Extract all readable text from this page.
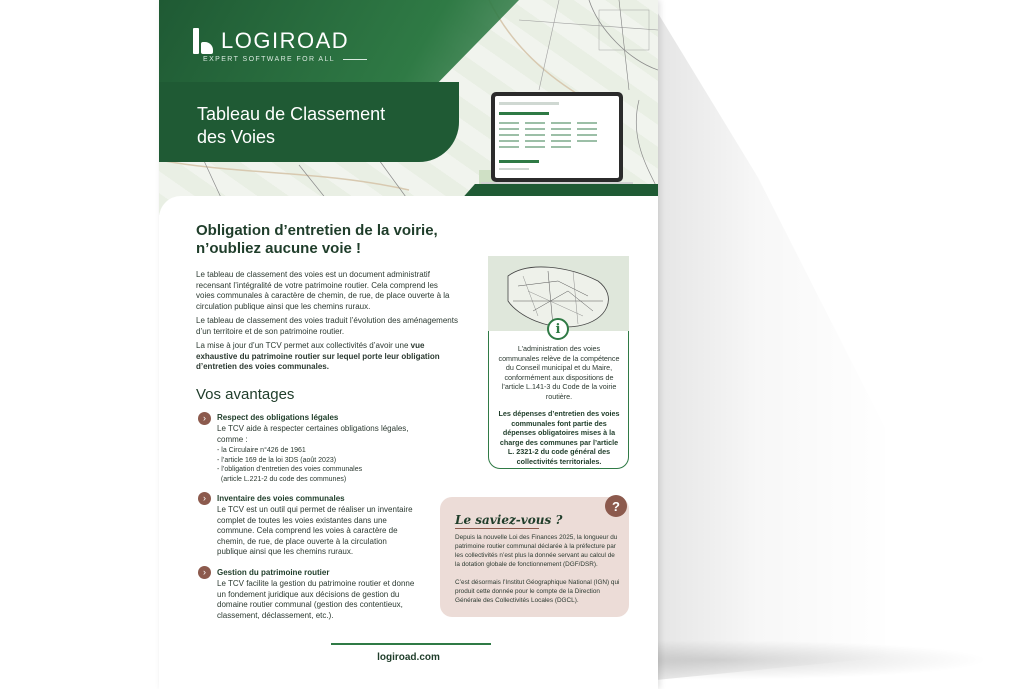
LOGIROAD
EXPERT SOFTWARE FOR ALL
Tableau de Classement
des Voies
Obligation d’entretien de la voirie,
n’oubliez aucune voie !
Le tableau de classement des voies est un document administratif recensant l’intégralité de votre patrimoine routier. Cela comprend les voies communales à caractère de chemin, de rue, de place ouverte à la circulation publique ainsi que les chemins ruraux.
Le tableau de classement des voies traduit l’évolution des aménagements d’un territoire et de son patrimoine routier.
La mise à jour d’un TCV permet aux collectivités d’avoir une vue exhaustive du patrimoine routier sur lequel porte leur obligation d’entretien des voies communales.
Vos avantages
›	Respect des obligations légales
Le TCV aide à respecter certaines obligations légales, comme :
- la Circulaire n°426 de 1961
- l’article 169 de la loi 3DS (août 2023)
- l’obligation d’entretien des voies communales
(article L.221-2 du code des communes)
›	Inventaire des voies communales
Le TCV est un outil qui permet de réaliser un inventaire complet de toutes les voies existantes dans une commune. Cela comprend les voies à caractère de chemin, de rue, de place ouverte à la circulation publique ainsi que les chemins ruraux.
›	Gestion du patrimoine routier
Le TCV facilite la gestion du patrimoine routier et donne un fondement juridique aux décisions de gestion du domaine routier communal (gestion des contentieux, classement, déclassement, etc.).
i
L’administration des voies communales relève de la compétence du Conseil municipal et du Maire, conformément aux dispositions de l’article L.141-3 du Code de la voirie routière.
Les dépenses d’entretien des voies communales font partie des dépenses obligatoires mises à la charge des communes par l’article L. 2321-2 du code général des collectivités territoriales.
?
Le saviez-vous ?
Depuis la nouvelle Loi des Finances 2025, la longueur du patrimoine routier communal déclarée à la préfecture par les collectivités n’est plus la donnée servant au calcul de la dotation globale de fonctionnement (DGF/DSR).
C’est désormais l’Institut Géographique National (IGN) qui produit cette donnée pour le compte de la Direction Générale des Collectivités Locales (DGCL).
logiroad.com
